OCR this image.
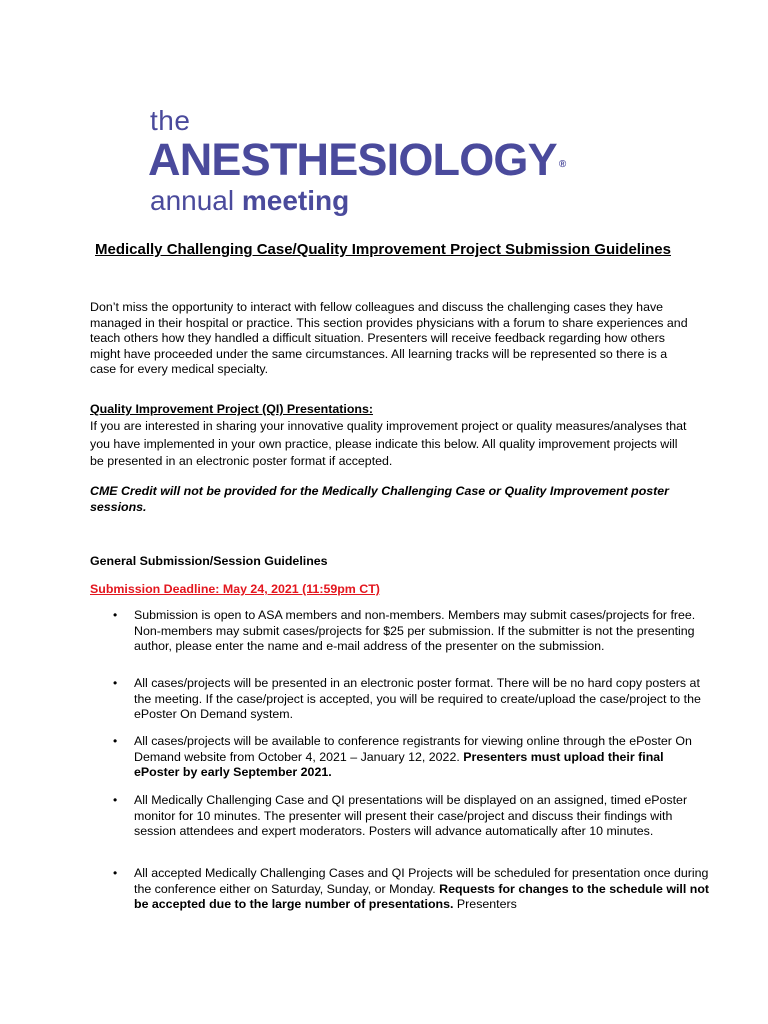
the
ANESTHESIOLOGY ®
annual meeting
Medically Challenging Case/Quality Improvement Project Submission Guidelines

Don’t miss the opportunity to interact with fellow colleagues and discuss the challenging cases they have managed in their hospital or practice. This section provides physicians with a forum to share experiences and teach others how they handled a difficult situation. Presenters will receive feedback regarding how others might have proceeded under the same circumstances. All learning tracks will be represented so there is a case for every medical specialty.

Quality Improvement Project (QI) Presentations:

If you are interested in sharing your innovative quality improvement project or quality measures/analyses that you have implemented in your own practice, please indicate this below. All quality improvement projects will be presented in an electronic poster format if accepted.

CME Credit will not be provided for the Medically Challenging Case or Quality Improvement poster sessions.

General Submission/Session Guidelines
Submission Deadline: May 24, 2021 (11:59pm CT)
• Submission is open to ASA members and non-members. Members may submit cases/projects for free. Non-members may submit cases/projects for $25 per submission. If the submitter is not the presenting author, please enter the name and e-mail address of the presenter on the submission.
• All cases/projects will be presented in an electronic poster format. There will be no hard copy posters at the meeting. If the case/project is accepted, you will be required to create/upload the case/project to the ePoster On Demand system.
• All cases/projects will be available to conference registrants for viewing online through the ePoster On Demand website from October 4, 2021 – January 12, 2022. Presenters must upload their final ePoster by early September 2021.
• All Medically Challenging Case and QI presentations will be displayed on an assigned, timed ePoster monitor for 10 minutes. The presenter will present their case/project and discuss their findings with session attendees and expert moderators. Posters will advance automatically after 10 minutes.
• All accepted Medically Challenging Cases and QI Projects will be scheduled for presentation once during the conference either on Saturday, Sunday, or Monday. Requests for changes to the schedule will not be accepted due to the large number of presentations. Presenters
